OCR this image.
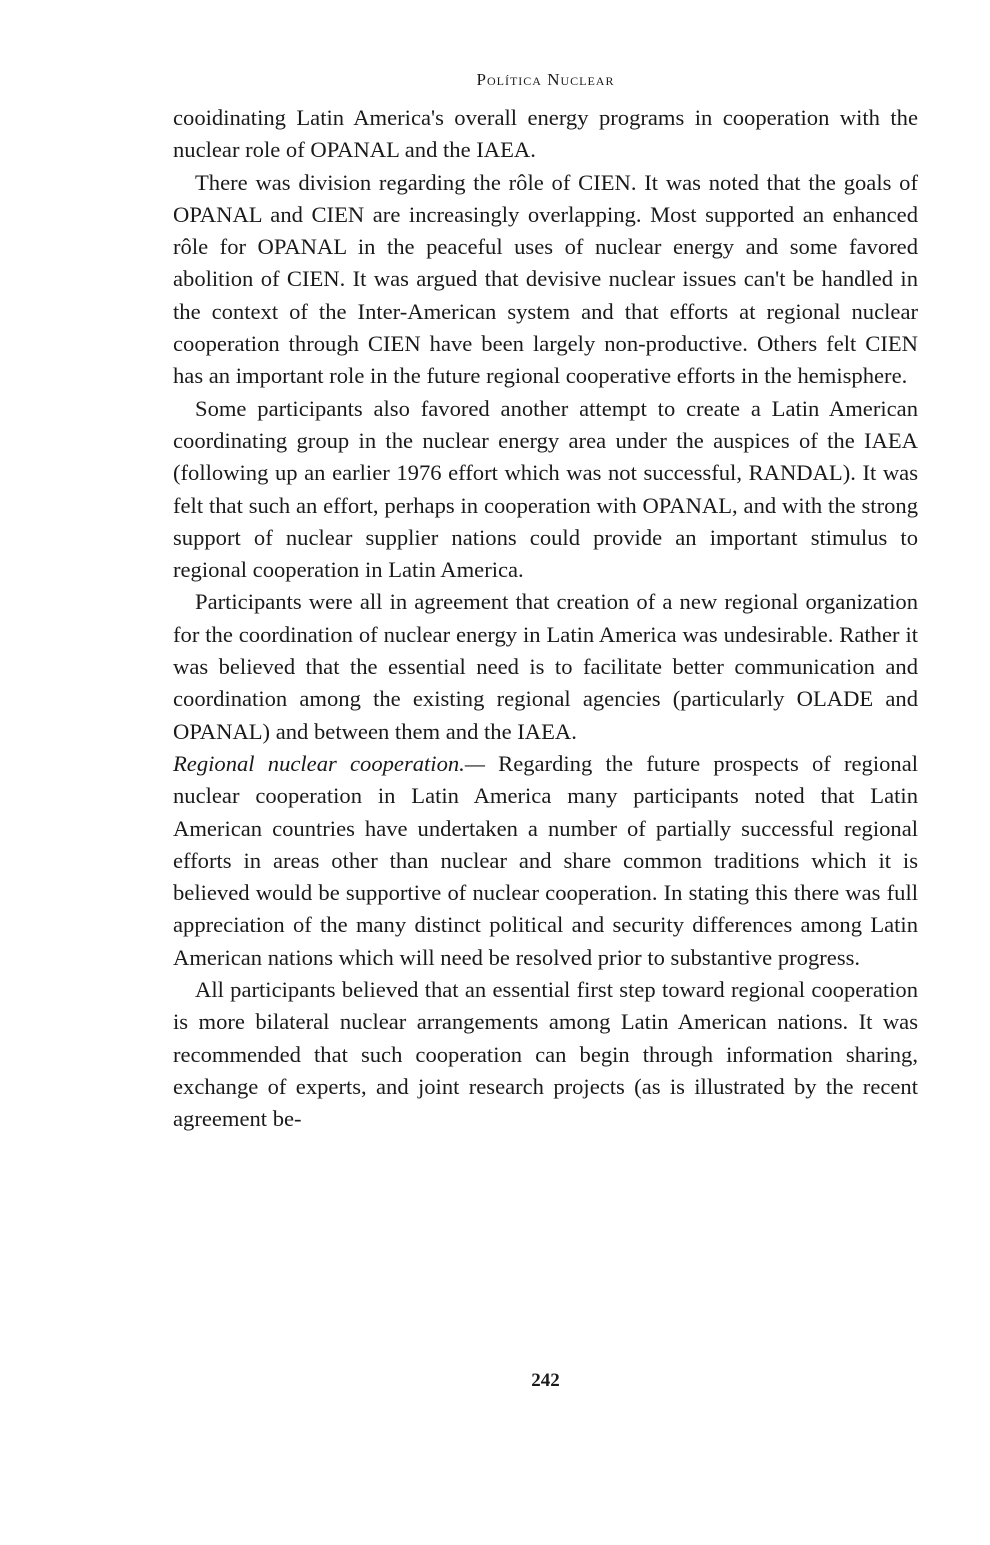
Política Nuclear

cooidinating Latin America's overall energy programs in cooperation with the nuclear role of OPANAL and the IAEA.

There was division regarding the rôle of CIEN. It was noted that the goals of OPANAL and CIEN are increasingly overlapping. Most supported an enhanced rôle for OPANAL in the peaceful uses of nuclear energy and some favored abolition of CIEN. It was argued that devisive nuclear issues can't be handled in the context of the Inter-American system and that efforts at regional nuclear cooperation through CIEN have been largely non-productive. Others felt CIEN has an important role in the future regional cooperative efforts in the hemisphere.

Some participants also favored another attempt to create a Latin American coordinating group in the nuclear energy area under the auspices of the IAEA (following up an earlier 1976 effort which was not successful, RANDAL). It was felt that such an effort, perhaps in cooperation with OPANAL, and with the strong support of nuclear supplier nations could provide an important stimulus to regional cooperation in Latin America.

Participants were all in agreement that creation of a new regional organization for the coordination of nuclear energy in Latin America was undesirable. Rather it was believed that the essential need is to facilitate better communication and coordination among the existing regional agencies (particularly OLADE and OPANAL) and between them and the IAEA.

Regional nuclear cooperation.— Regarding the future prospects of regional nuclear cooperation in Latin America many participants noted that Latin American countries have undertaken a number of partially successful regional efforts in areas other than nuclear and share common traditions which it is believed would be supportive of nuclear cooperation. In stating this there was full appreciation of the many distinct political and security differences among Latin American nations which will need be resolved prior to substantive progress.

All participants believed that an essential first step toward regional cooperation is more bilateral nuclear arrangements among Latin American nations. It was recommended that such cooperation can begin through information sharing, exchange of experts, and joint research projects (as is illustrated by the recent agreement be-

242
